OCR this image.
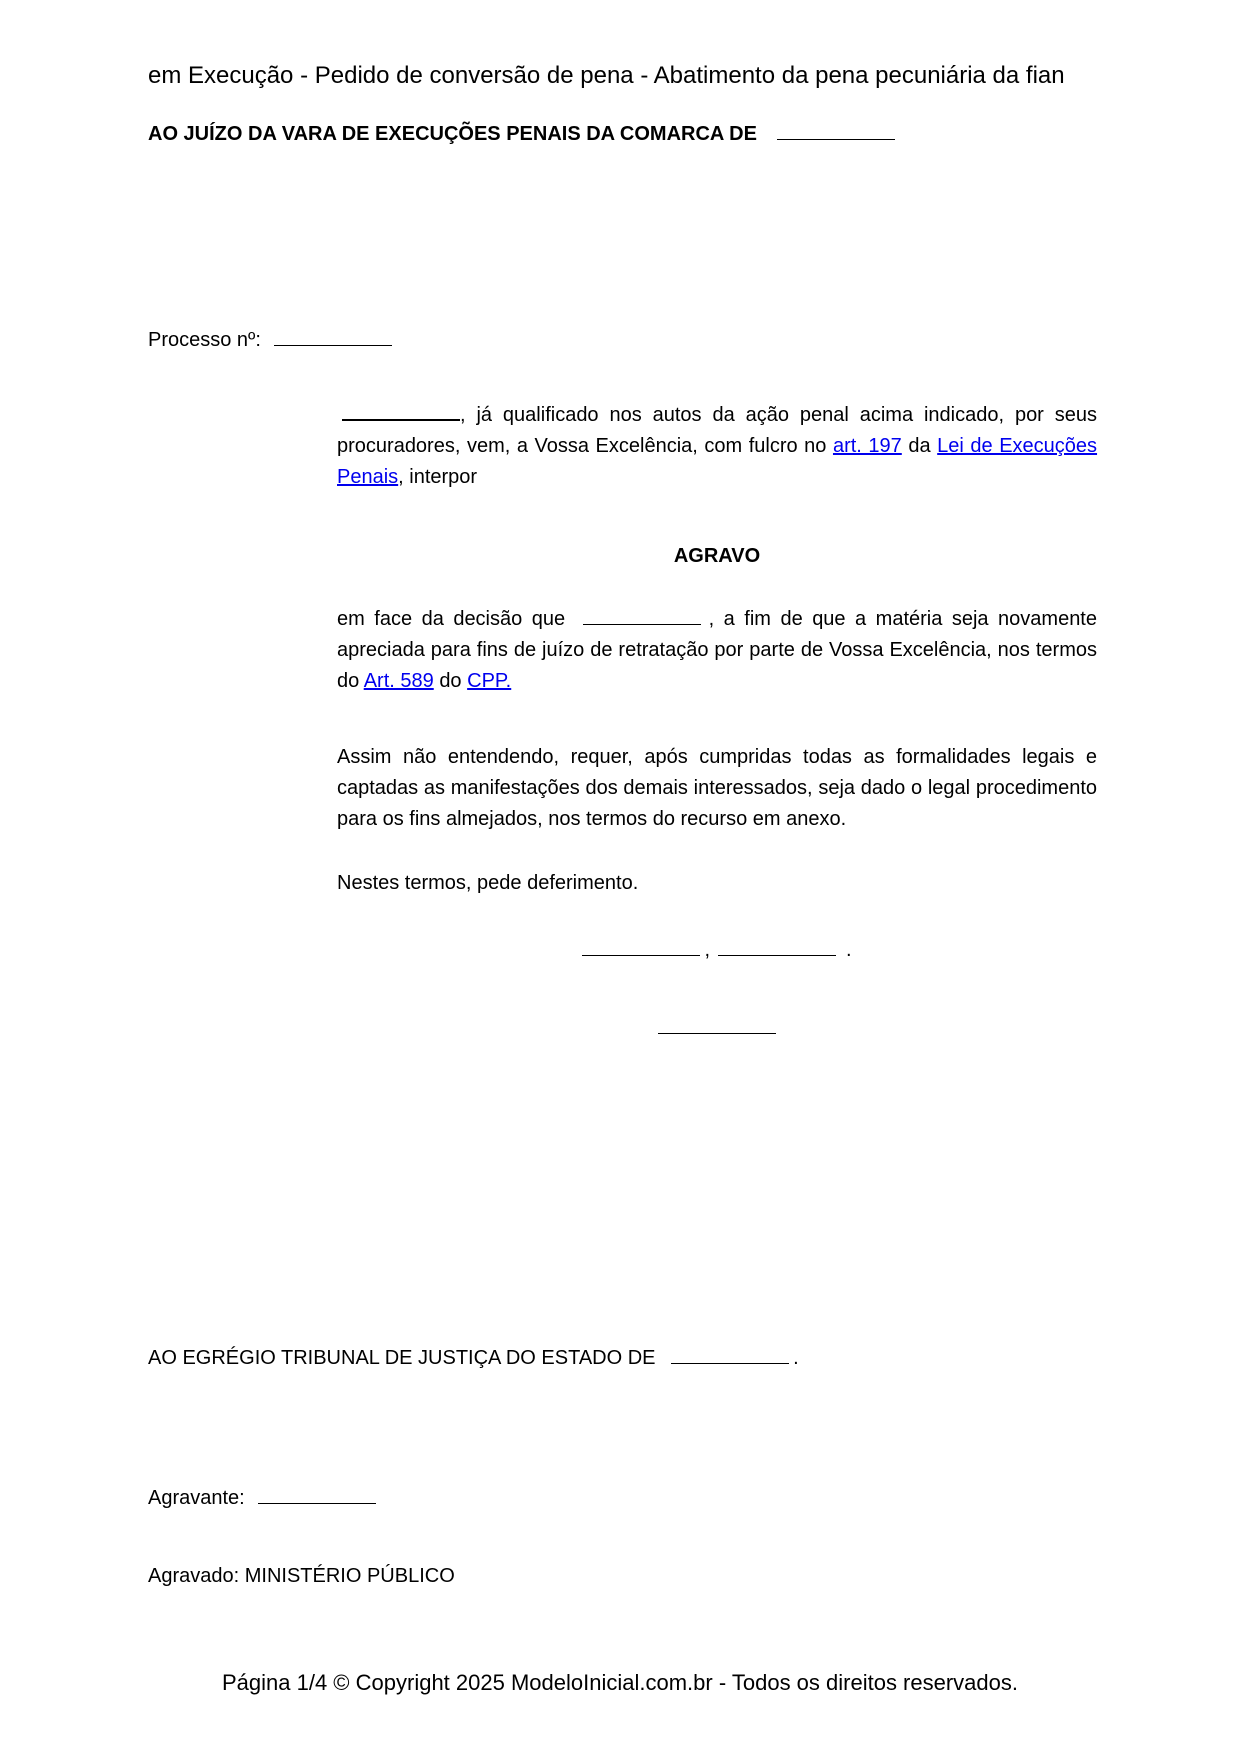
em Execução - Pedido de conversão de pena - Abatimento da pena pecuniária da fian
AO JUÍZO DA VARA DE EXECUÇÕES PENAIS DA COMARCA DE
Processo nº:
, já qualificado nos autos da ação penal acima indicado, por seus procuradores, vem, a Vossa Excelência, com fulcro no art. 197 da Lei de Execuções Penais, interpor
AGRAVO
em face da decisão que	, a fim de que a matéria seja novamente apreciada para fins de juízo de retratação por parte de Vossa Excelência, nos termos do Art. 589 do CPP.
Assim não entendendo, requer, após cumpridas todas as formalidades legais e captadas as manifestações dos demais interessados, seja dado o legal procedimento para os fins almejados, nos termos do recurso em anexo.
Nestes termos, pede deferimento.
,	.
AO EGRÉGIO TRIBUNAL DE JUSTIÇA DO ESTADO DE	.
Agravante:
Agravado: MINISTÉRIO PÚBLICO
Página 1/4 © Copyright 2025 ModeloInicial.com.br - Todos os direitos reservados.
